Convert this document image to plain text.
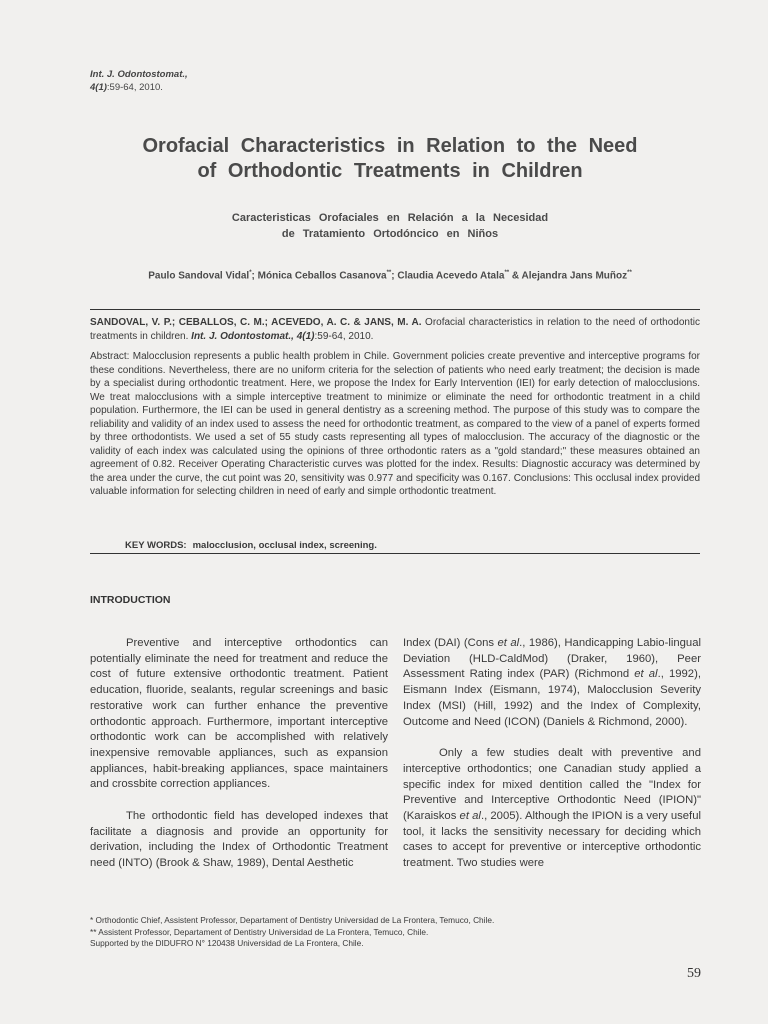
Int. J. Odontostomat.,
4(1):59-64, 2010.
Orofacial Characteristics in Relation to the Need
of Orthodontic Treatments in Children
Caracteristicas Orofaciales en Relación a la Necesidad
de Tratamiento Ortodóncico en Niños
Paulo Sandoval Vidal*; Mónica Ceballos Casanova**; Claudia Acevedo Atala** & Alejandra Jans Muñoz**
SANDOVAL, V. P.; CEBALLOS, C. M.; ACEVEDO, A. C. & JANS, M. A. Orofacial characteristics in relation to the need of orthodontic treatments in children. Int. J. Odontostomat., 4(1):59-64, 2010.
Abstract: Malocclusion represents a public health problem in Chile. Government policies create preventive and interceptive programs for these conditions. Nevertheless, there are no uniform criteria for the selection of patients who need early treatment; the decision is made by a specialist during orthodontic treatment. Here, we propose the Index for Early Intervention (IEI) for early detection of malocclusions. We treat malocclusions with a simple interceptive treatment to minimize or eliminate the need for orthodontic treatment in a child population. Furthermore, the IEI can be used in general dentistry as a screening method. The purpose of this study was to compare the reliability and validity of an index used to assess the need for orthodontic treatment, as compared to the view of a panel of experts formed by three orthodontists. We used a set of 55 study casts representing all types of malocclusion. The accuracy of the diagnostic or the validity of each index was calculated using the opinions of three orthodontic raters as a "gold standard;" these measures obtained an agreement of 0.82. Receiver Operating Characteristic curves was plotted for the index. Results: Diagnostic accuracy was determined by the area under the curve, the cut point was 20, sensitivity was 0.977 and specificity was 0.167. Conclusions: This occlusal index provided valuable information for selecting children in need of early and simple orthodontic treatment.
KEY WORDS: malocclusion, occlusal index, screening.
INTRODUCTION

Preventive and interceptive orthodontics can potentially eliminate the need for treatment and reduce the cost of future extensive orthodontic treatment. Patient education, fluoride, sealants, regular screenings and basic restorative work can further enhance the preventive orthodontic approach. Furthermore, important interceptive orthodontic work can be accomplished with relatively inexpensive removable appliances, such as expansion appliances, habit-breaking appliances, space maintainers and crossbite correction appliances.

The orthodontic field has developed indexes that facilitate a diagnosis and provide an opportunity for derivation, including the Index of Orthodontic Treatment need (INTO) (Brook & Shaw, 1989), Dental Aesthetic

Index (DAI) (Cons et al., 1986), Handicapping Labio-lingual Deviation (HLD-CaldMod) (Draker, 1960), Peer Assessment Rating index (PAR) (Richmond et al., 1992), Eismann Index (Eismann, 1974), Malocclusion Severity Index (MSI) (Hill, 1992) and the Index of Complexity, Outcome and Need (ICON) (Daniels & Richmond, 2000).

Only a few studies dealt with preventive and interceptive orthodontics; one Canadian study applied a specific index for mixed dentition called the "Index for Preventive and Interceptive Orthodontic Need (IPION)" (Karaiskos et al., 2005). Although the IPION is a very useful tool, it lacks the sensitivity necessary for deciding which cases to accept for preventive or interceptive orthodontic treatment. Two studies were

* Orthodontic Chief, Assistent Professor, Departament of Dentistry Universidad de La Frontera, Temuco, Chile.
** Assistent Professor, Departament of Dentistry Universidad de La Frontera, Temuco, Chile.
Supported by the DIDUFRO N° 120438 Universidad de La Frontera, Chile.
59
